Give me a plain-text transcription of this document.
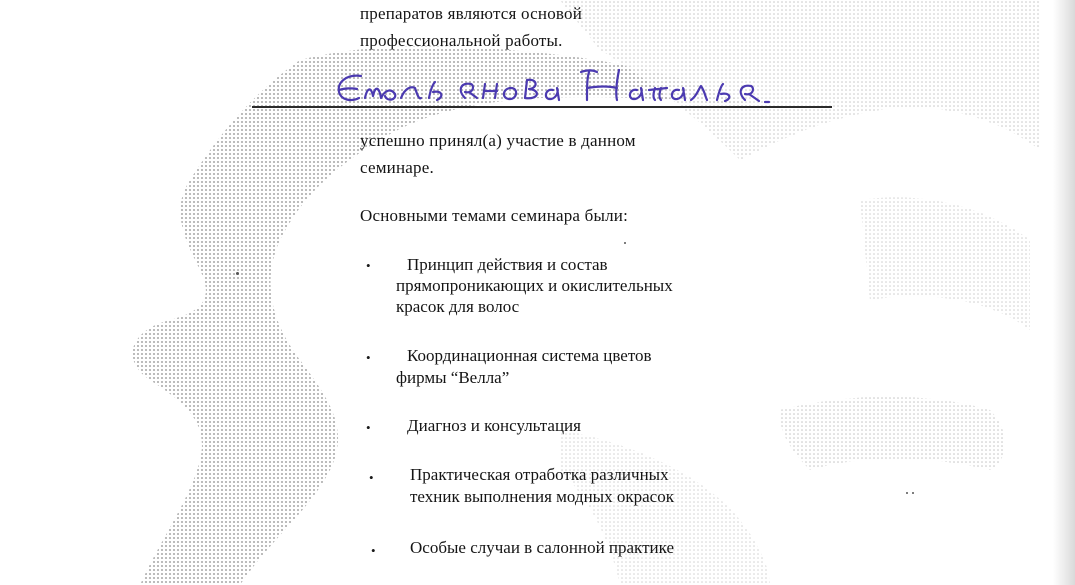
препаратов являются основой
профессиональной работы.
успешно принял(а) участие в данном
семинаре.
Основными темами семинара были:
• Принцип действия и состав
прямопроникающих и окислительных
красок для волос
• Координационная система цветов
фирмы “Велла”
• Диагноз и консультация
• Практическая отработка различных
техник выполнения модных окрасок
• Особые случаи в салонной практике
